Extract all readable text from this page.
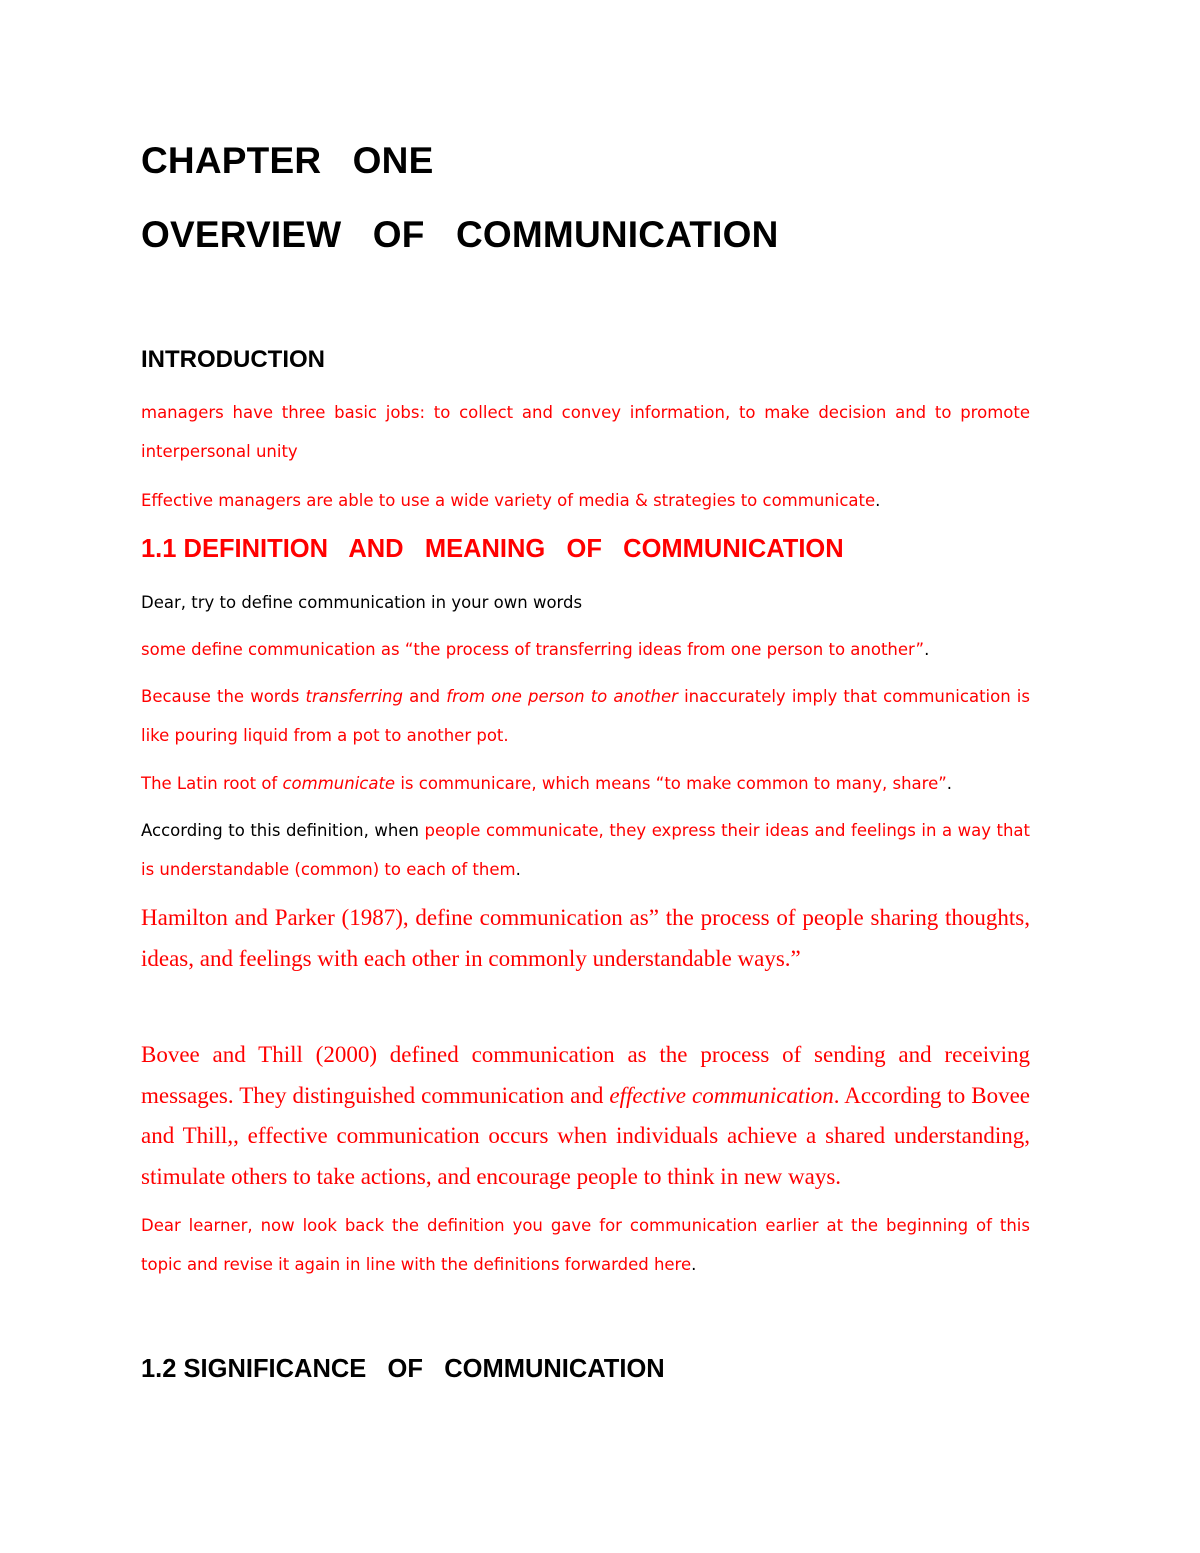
CHAPTER   ONE
OVERVIEW   OF   COMMUNICATION
INTRODUCTION

managers have three basic jobs: to collect and convey information, to make decision and to promote interpersonal unity

Effective managers are able to use a wide variety of media & strategies to communicate.

1.1 DEFINITION   AND   MEANING   OF   COMMUNICATION

Dear, try to define communication in your own words

some define communication as “the process of transferring ideas from one person to another”.

Because the words transferring and from one person to another inaccurately imply that communication is like pouring liquid from a pot to another pot.

The Latin root of communicate is communicare, which means “to make common to many, share”.

According to this definition, when people communicate, they express their ideas and feelings in a way that is understandable (common) to each of them.

Hamilton and Parker (1987), define communication as” the process of people sharing thoughts, ideas, and feelings with each other in commonly understandable ways.”

Bovee and Thill (2000) defined communication as the process of sending and receiving messages. They distinguished communication and effective communication. According to Bovee and Thill,, effective communication occurs when individuals achieve a shared understanding, stimulate others to take actions, and encourage people to think in new ways.

Dear learner, now look back the definition you gave for communication earlier at the beginning of this topic and revise it again in line with the definitions forwarded here.

1.2 SIGNIFICANCE   OF   COMMUNICATION
